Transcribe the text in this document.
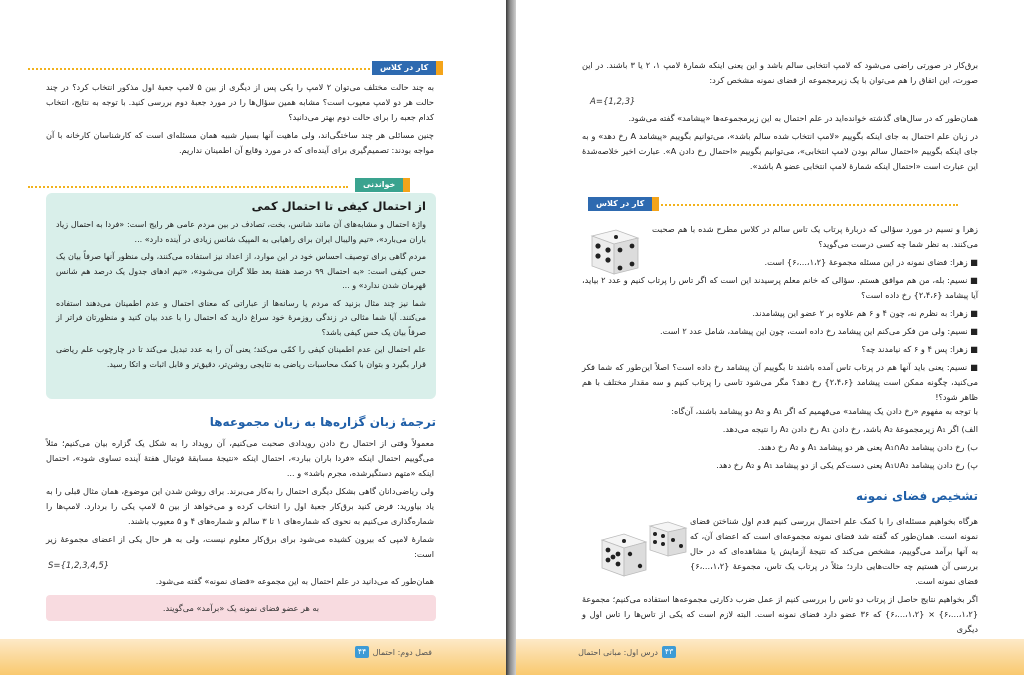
کار در کلاس

به چند حالت مختلف می‌توان ۲ لامپ را یکی پس از دیگری از بین ۵ لامپ جعبهٔ اول مذکور انتخاب کرد؟ در چند حالت هر دو لامپ معیوب است؟ مشابه همین سؤال‌ها را در مورد جعبهٔ دوم بررسی کنید. با توجه به نتایج، انتخاب کدام جعبه را برای حالت دوم بهتر می‌دانید؟

چنین مسائلی هر چند ساختگی‌اند، ولی ماهیت آنها بسیار شبیه همان مسئله‌ای است که کارشناسان کارخانه با آن مواجه بودند: تصمیم‌گیری برای آینده‌ای که در مورد وقایع آن اطمینان نداریم.

خواندنی
از احتمال کیفی تا احتمال کمی

واژهٔ احتمال و مشابه‌های آن مانند شانس، بخت، تصادف در بین مردم عامی هر رایج است: «فردا به احتمال زیاد باران می‌بارد»، «تیم والیبال ایران برای راهیابی به المپیک شانس زیادی در آینده دارد» ...

مردم گاهی برای توصیف احساس خود در این موارد، از اعداد نیز استفاده می‌کنند، ولی منظور آنها صرفاً بیان یک حس کیفی است: «به احتمال ۹۹ درصد هفتهٔ بعد طلا گران می‌شود»، «تیم ادهای جدول یک درصد هم شانس قهرمان شدن ندارد» و ...

شما نیز چند مثال بزنید که مردم یا رسانه‌ها از عباراتی که معنای احتمال و عدم اطمینان می‌دهند استفاده می‌کنند. آیا شما مثالی در زندگی روزمرهٔ خود سراغ دارید که احتمال را با عدد بیان کنید و منظورتان فراتر از صرفاً بیان یک حس کیفی باشد؟

علم احتمال این عدم اطمینان کیفی را کمّی می‌کند؛ یعنی آن را به عدد تبدیل می‌کند تا در چارچوب علم ریاضی قرار بگیرد و بتوان با کمک محاسبات ریاضی به نتایجی روشن‌تر، دقیق‌تر و قابل اثبات و اتکا رسید.

ترجمهٔ زبان گزاره‌ها به زبان مجموعه‌ها

معمولاً وقتی از احتمال رخ دادن رویدادی صحبت می‌کنیم، آن رویداد را به شکل یک گزاره بیان می‌کنیم؛ مثلاً می‌گوییم احتمال اینکه «فردا باران ببارد»، احتمال اینکه «نتیجهٔ مسابقهٔ فوتبال هفتهٔ آینده تساوی شود»، احتمال اینکه «متهم دستگیرشده، مجرم باشد» و ...

ولی ریاضی‌دانان گاهی بشکل دیگری احتمال را به‌کار می‌برند. برای روشن شدن این موضوع، همان مثال قبلی را به یاد بیاورید: فرض کنید برق‌کار جعبهٔ اول را انتخاب کرده و می‌خواهد از بین ۵ لامپ یکی را بردارد. لامپ‌ها را شماره‌گذاری می‌کنیم به نحوی که شماره‌های ۱ تا ۳ سالم و شماره‌های ۴ و ۵ معیوب باشند.

شمارهٔ لامپی که بیرون کشیده می‌شود برای برق‌کار معلوم نیست، ولی به هر حال یکی از اعضای مجموعهٔ زیر است:

S={1,2,3,4,5}
همان‌طور که می‌دانید در علم احتمال به این مجموعه «فضای نمونه» گفته می‌شود.
به هر عضو فضای نمونه یک «برآمد» می‌گویند.
۴۴ فصل دوم: احتمال

برق‌کار در صورتی راضی می‌شود که لامپ انتخابی سالم باشد و این یعنی اینکه شمارهٔ لامپ ۱، ۲ یا ۳ باشند. در این صورت، این اتفاق را هم می‌توان با یک زیرمجموعه از فضای نمونه مشخص کرد:

A={1,2,3}

همان‌طور که در سال‌های گذشته خوانده‌اید در علم احتمال به این زیرمجموعه‌ها «پیشامد» گفته می‌شود.

در زبان علم احتمال به جای اینکه بگوییم «لامپ انتخاب شده سالم باشد»، می‌توانیم بگوییم «پیشامد A رخ دهد» و به جای اینکه بگوییم «احتمال سالم بودن لامپ انتخابی»، می‌توانیم بگوییم «احتمال رخ دادن A». عبارت اخیر خلاصه‌شدهٔ این عبارت است «احتمال اینکه شمارهٔ لامپ انتخابی عضو A باشد».

کار در کلاس

زهرا و نسیم در مورد سؤالی که دربارهٔ پرتاب یک تاس سالم در کلاس مطرح شده با هم صحبت می‌کنند. به نظر شما چه کسی درست می‌گوید؟

■ زهرا: فضای نمونه در این مسئله مجموعهٔ {۱،۲،...،۶} است.

■ نسیم: بله، من هم موافق هستم. سؤالی که خانم معلم پرسیدند این است که اگر تاس را پرتاب کنیم و عدد ۲ بیاید، آیا پیشامد {۲،۴،۶} رخ داده است؟

■ زهرا: به نظرم نه، چون ۴ و ۶ هم علاوه بر ۲ عضو این پیشامدند.

■ نسیم: ولی من فکر می‌کنم این پیشامد رخ داده است، چون این پیشامد، شامل عدد ۲ است.

■ زهرا: پس ۴ و ۶ که نیامدند چه؟

■ نسیم: یعنی باید آنها هم در پرتاب تاس آمده باشند تا بگوییم آن پیشامد رخ داده است؟ اصلاً این‌طور که شما فکر می‌کنید، چگونه ممکن است پیشامد {۲،۴،۶} رخ دهد؟ مگر می‌شود تاسی را پرتاب کنیم و سه مقدار مختلف با هم ظاهر شود؟!

با توجه به مفهوم «رخ دادن یک پیشامد» می‌فهمیم که اگر A₁ و A₂ دو پیشامد باشند، آن‌گاه:

الف) اگر A₁ زیرمجموعهٔ A₂ باشد، رخ دادن A₁ رخ دادن A₂ را نتیجه می‌دهد.

ب) رخ دادن پیشامد A₁∩A₂ یعنی هر دو پیشامد A₁ و A₂ رخ دهند.

پ) رخ دادن پیشامد A₁∪A₂ یعنی دست‌کم یکی از دو پیشامد A₁ و A₂ رخ دهد.

تشخیص فضای نمونه

هرگاه بخواهیم مسئله‌ای را با کمک علم احتمال بررسی کنیم قدم اول شناختن فضای نمونه است. همان‌طور که گفته شد فضای نمونه مجموعه‌ای است که اعضای آن، که به آنها برآمد می‌گوییم، مشخص می‌کند که نتیجهٔ آزمایش یا مشاهده‌ای که در حال بررسی آن هستیم چه حالت‌هایی دارد؛ مثلاً در پرتاب یک تاس، مجموعهٔ {۱،۲،...،۶} فضای نمونه است.

اگر بخواهیم نتایج حاصل از پرتاب دو تاس را بررسی کنیم از عمل ضرب دکارتی مجموعه‌ها استفاده می‌کنیم؛ مجموعهٔ {۱،۲،...،۶} × {۱،۲،...،۶} که ۳۶ عضو دارد فضای نمونه است. البته لازم است که یکی از تاس‌ها را تاس اول و دیگری

۴۳
درس اول: مبانی احتمال
